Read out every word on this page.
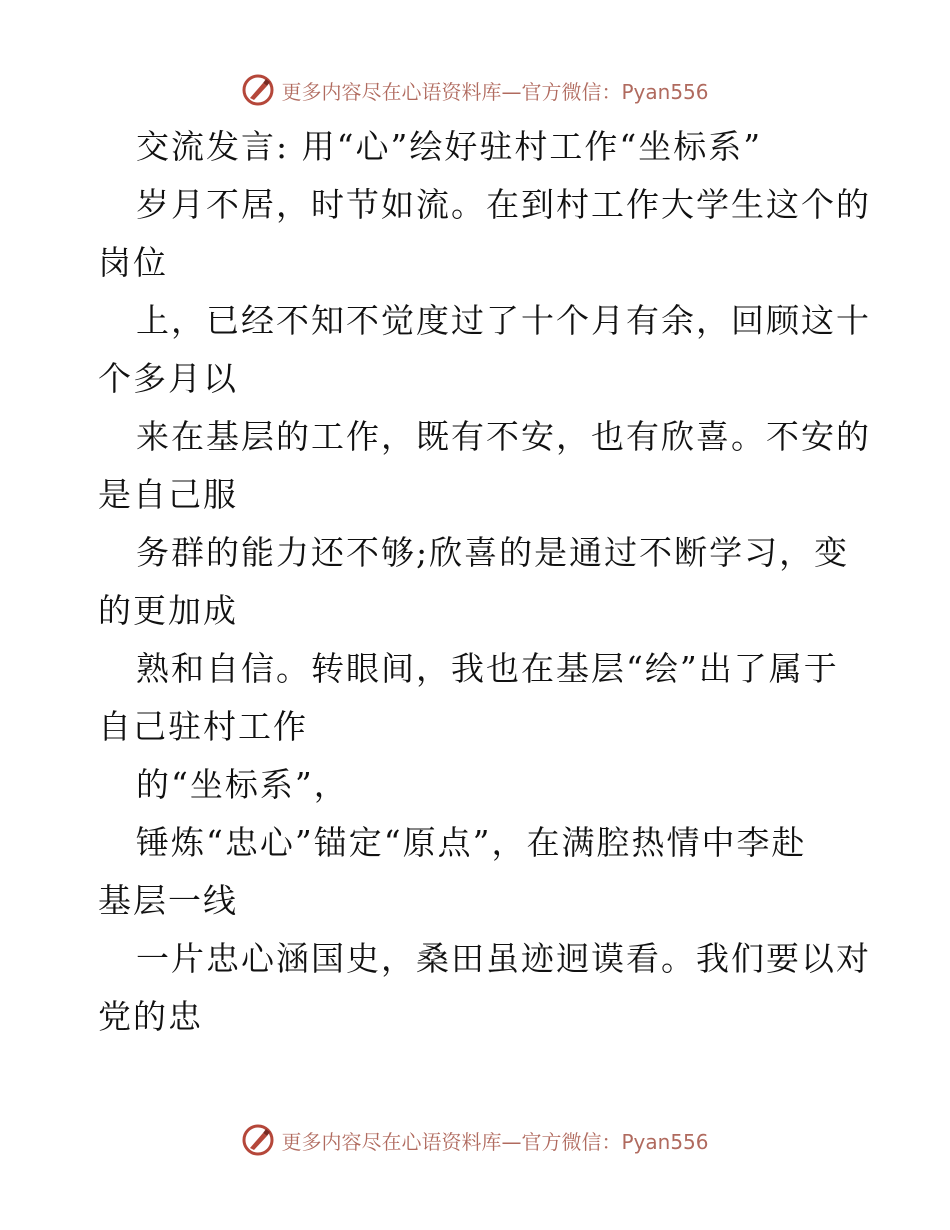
更多内容尽在心语资料库—官方微信：Pyan556
交流发言: 用“心”绘好驻村工作“坐标系”
岁月不居，时节如流。在到村工作大学生这个的
岗位
上，已经不知不觉度过了十个月有余，回顾这十
个多月以
来在基层的工作，既有不安，也有欣喜。不安的
是自己服
务群的能力还不够;欣喜的是通过不断学习，变
的更加成
熟和自信。转眼间，我也在基层“绘”出了属于
自己驻村工作
的“坐标系”，
锤炼“忠心”锚定“原点”，在满腔热情中李赴
基层一线
一片忠心涵国史，桑田虽迹迥谟看。我们要以对
党的忠
更多内容尽在心语资料库—官方微信：Pyan556
